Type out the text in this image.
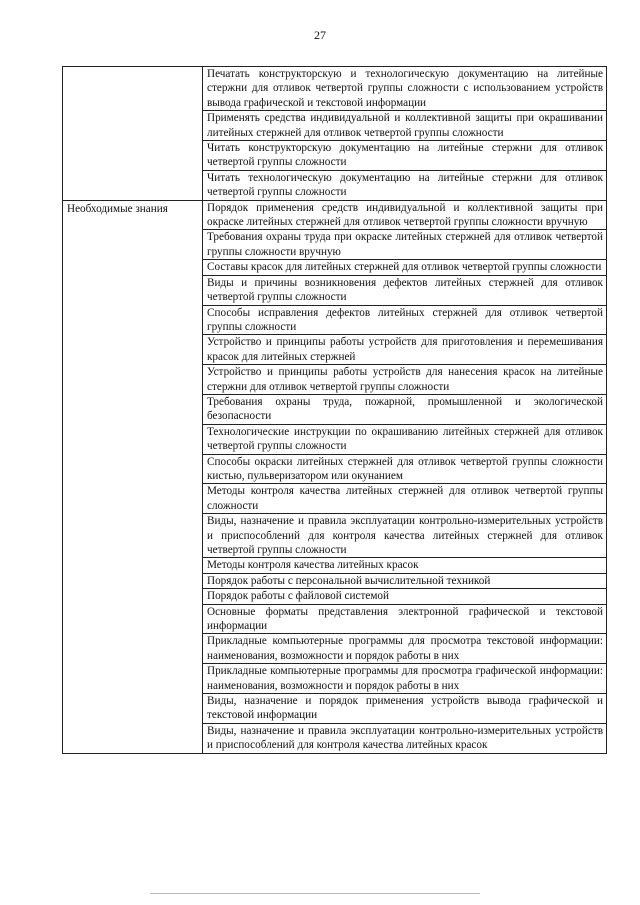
27
	Печатать конструкторскую и технологическую документацию на литейные стержни для отливок четвертой группы сложности с использованием устройств вывода графической и текстовой информации
	Применять средства индивидуальной и коллективной защиты при окрашивании литейных стержней для отливок четвертой группы сложности
	Читать конструкторскую документацию на литейные стержни для отливок четвертой группы сложности
	Читать технологическую документацию на литейные стержни для отливок четвертой группы сложности

Необходимые знания	Порядок применения средств индивидуальной и коллективной защиты при окраске литейных стержней для отливок четвертой группы сложности вручную
	Требования охраны труда при окраске литейных стержней для отливок четвертой группы сложности вручную
	Составы красок для литейных стержней для отливок четвертой группы сложности
	Виды и причины возникновения дефектов литейных стержней для отливок четвертой группы сложности
	Способы исправления дефектов литейных стержней для отливок четвертой группы сложности
	Устройство и принципы работы устройств для приготовления и перемешивания красок для литейных стержней
	Устройство и принципы работы устройств для нанесения красок на литейные стержни для отливок четвертой группы сложности
	Требования охраны труда, пожарной, промышленной и экологической безопасности
	Технологические инструкции по окрашиванию литейных стержней для отливок четвертой группы сложности
	Способы окраски литейных стержней для отливок четвертой группы сложности кистью, пульверизатором или окунанием
	Методы контроля качества литейных стержней для отливок четвертой группы сложности
	Виды, назначение и правила эксплуатации контрольно-измерительных устройств и приспособлений для контроля качества литейных стержней для отливок четвертой группы сложности
	Методы контроля качества литейных красок
	Порядок работы с персональной вычислительной техникой
	Порядок работы с файловой системой
	Основные форматы представления электронной графической и текстовой информации
	Прикладные компьютерные программы для просмотра текстовой информации: наименования, возможности и порядок работы в них
	Прикладные компьютерные программы для просмотра графической информации: наименования, возможности и порядок работы в них
	Виды, назначение и порядок применения устройств вывода графической и текстовой информации
	Виды, назначение и правила эксплуатации контрольно-измерительных устройств и приспособлений для контроля качества литейных красок
